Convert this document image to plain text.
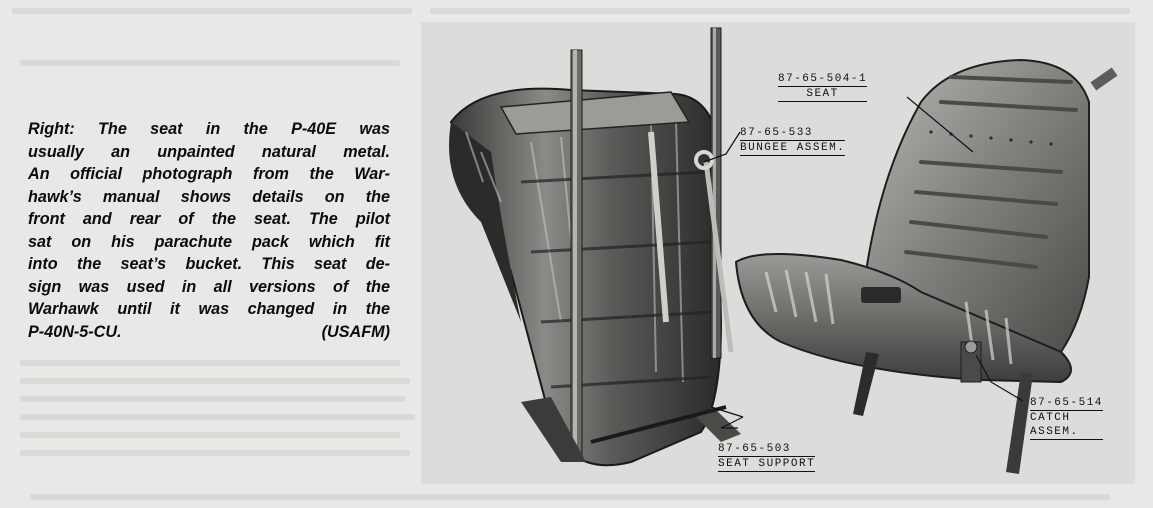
Right: The seat in the P-40E was
usually an unpainted natural metal.
An official photograph from the War-
hawk’s manual shows details on the
front and rear of the seat. The pilot
sat on his parachute pack which fit
into the seat’s bucket. This seat de-
sign was used in all versions of the
Warhawk until it was changed in the
P-40N-5-CU.	(USAFM)
87-65-504-1
SEAT
87-65-533
BUNGEE ASSEM.
87-65-503
SEAT SUPPORT
87-65-514
CATCH
ASSEM.
